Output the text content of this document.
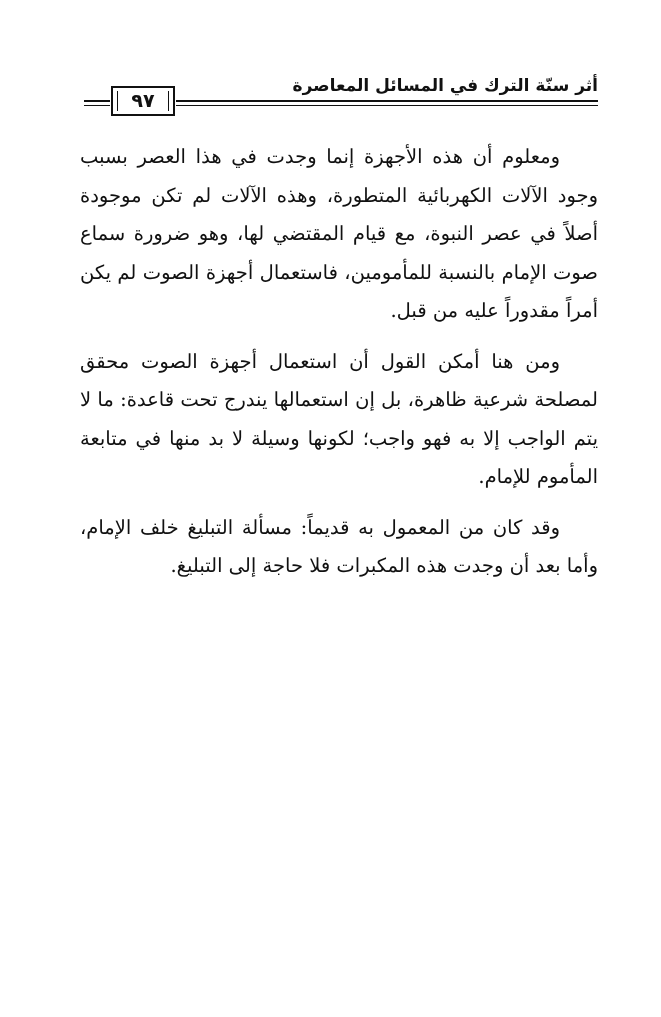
أثر سنّة الترك في المسائل المعاصرة
٩٧

ومعلوم أن هذه الأجهزة إنما وجدت في هذا العصر بسبب وجود الآلات الكهربائية المتطورة، وهذه الآلات لم تكن موجودة أصلاً في عصر النبوة، مع قيام المقتضي لها، وهو ضرورة سماع صوت الإمام بالنسبة للمأمومين، فاستعمال أجهزة الصوت لم يكن أمراً مقدوراً عليه من قبل.

ومن هنا أمكن القول أن استعمال أجهزة الصوت محقق لمصلحة شرعية ظاهرة، بل إن استعمالها يندرج تحت قاعدة: ما لا يتم الواجب إلا به فهو واجب؛ لكونها وسيلة لا بد منها في متابعة المأموم للإمام.

وقد كان من المعمول به قديماً: مسألة التبليغ خلف الإمام، وأما بعد أن وجدت هذه المكبرات فلا حاجة إلى التبليغ.
